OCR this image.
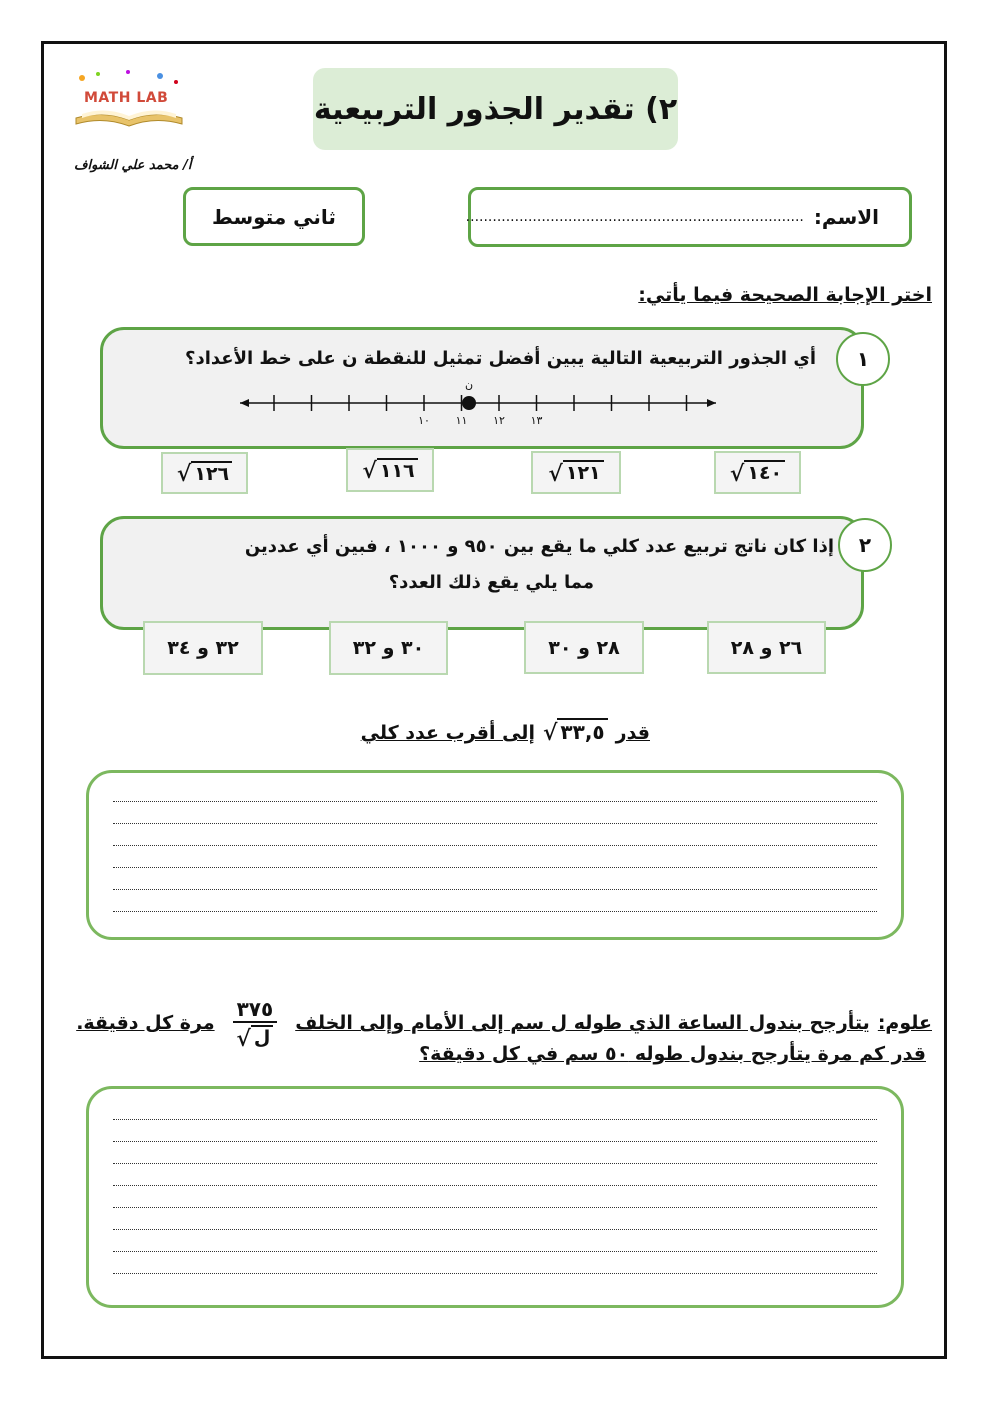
MATH LAB
أ/ محمد علي الشواف
٢) تقدير الجذور التربيعية
ثاني متوسط	الاسم:
............................................................................
اختر الإجابة الصحيحة فيما يأتي:
١
أي الجذور التربيعية التالية يبين أفضل تمثيل للنقطة ن على خط الأعداد؟
١٠ ١١ ١٢ ١٣
ن
√ ١٢٦	√ ١١٦	√ ١٢١	√ ١٤٠
٢
إذا كان ناتج تربيع عدد كلي ما يقع بين ٩٥٠ و ١٠٠٠ ، فبين أي عددين
مما يلي يقع ذلك العدد؟
٣٢ و ٣٤	٣٠ و ٣٢	٢٨ و ٣٠	٢٦ و ٢٨
قدر
√ ٣٣,٥
إلى أقرب عدد كلي
علوم:
يتأرجح بندول الساعة الذي طوله ل سم إلى الأمام وإلى الخلف
٣٧٥
√ ل
مرة كل دقيقة.
قدر كم مرة يتأرجح بندول طوله ٥٠ سم في كل دقيقة؟
